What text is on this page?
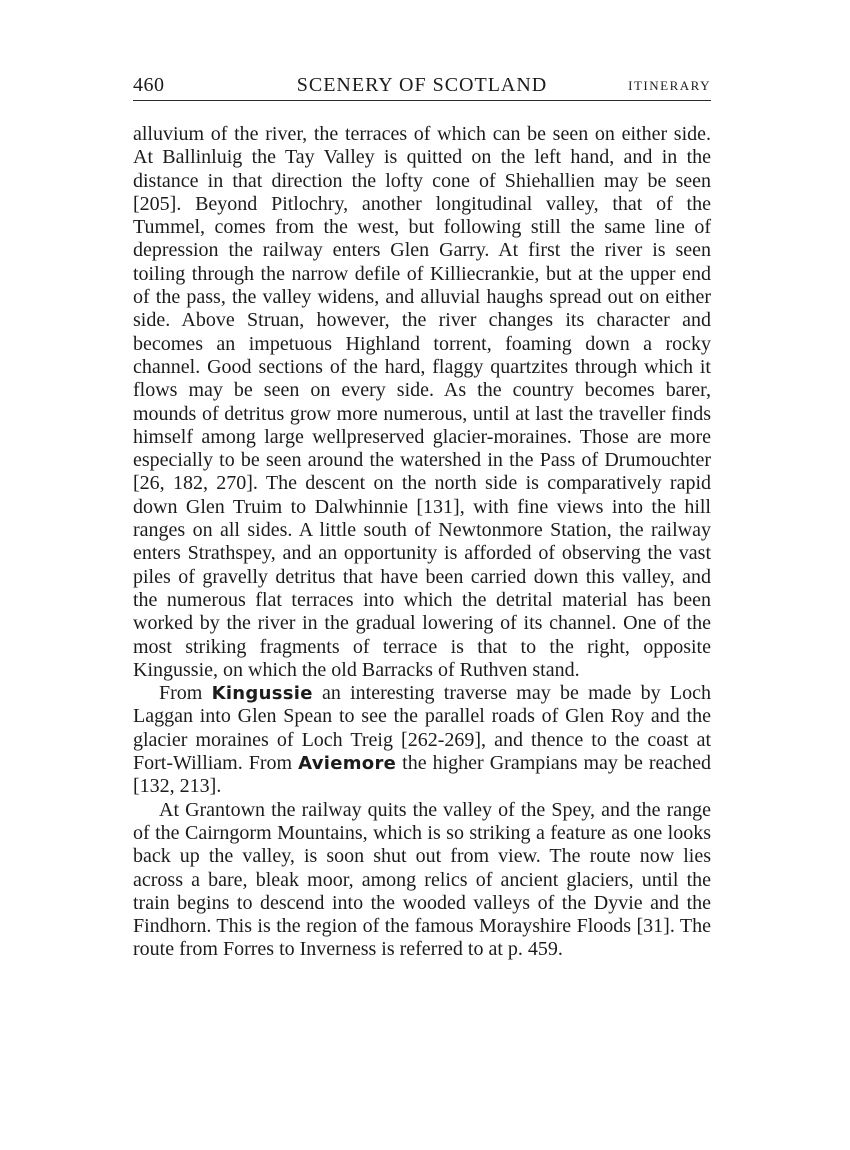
460	SCENERY OF SCOTLAND	ITINERARY

alluvium of the river, the terraces of which can be seen on either side. At Ballinluig the Tay Valley is quitted on the left hand, and in the distance in that direction the lofty cone of Shiehallien may be seen [205]. Beyond Pitlochry, another longitudinal valley, that of the Tummel, comes from the west, but following still the same line of depression the railway enters Glen Garry. At first the river is seen toiling through the narrow defile of Killiecrankie, but at the upper end of the pass, the valley widens, and alluvial haughs spread out on either side. Above Struan, however, the river changes its character and becomes an impetuous Highland torrent, foaming down a rocky channel. Good sections of the hard, flaggy quartzites through which it flows may be seen on every side. As the country becomes barer, mounds of detritus grow more numerous, until at last the traveller finds himself among large wellpreserved glacier-moraines. Those are more especially to be seen around the watershed in the Pass of Drumouchter [26, 182, 270]. The descent on the north side is comparatively rapid down Glen Truim to Dalwhinnie [131], with fine views into the hill ranges on all sides. A little south of Newtonmore Station, the railway enters Strathspey, and an opportunity is afforded of observing the vast piles of gravelly detritus that have been carried down this valley, and the numerous flat terraces into which the detrital material has been worked by the river in the gradual lowering of its channel. One of the most striking fragments of terrace is that to the right, opposite Kingussie, on which the old Barracks of Ruthven stand.

From Kingussie an interesting traverse may be made by Loch Laggan into Glen Spean to see the parallel roads of Glen Roy and the glacier moraines of Loch Treig [262-269], and thence to the coast at Fort-William. From Aviemore the higher Grampians may be reached [132, 213].

At Grantown the railway quits the valley of the Spey, and the range of the Cairngorm Mountains, which is so striking a feature as one looks back up the valley, is soon shut out from view. The route now lies across a bare, bleak moor, among relics of ancient glaciers, until the train begins to descend into the wooded valleys of the Dyvie and the Findhorn. This is the region of the famous Morayshire Floods [31]. The route from Forres to Inverness is referred to at p. 459.
